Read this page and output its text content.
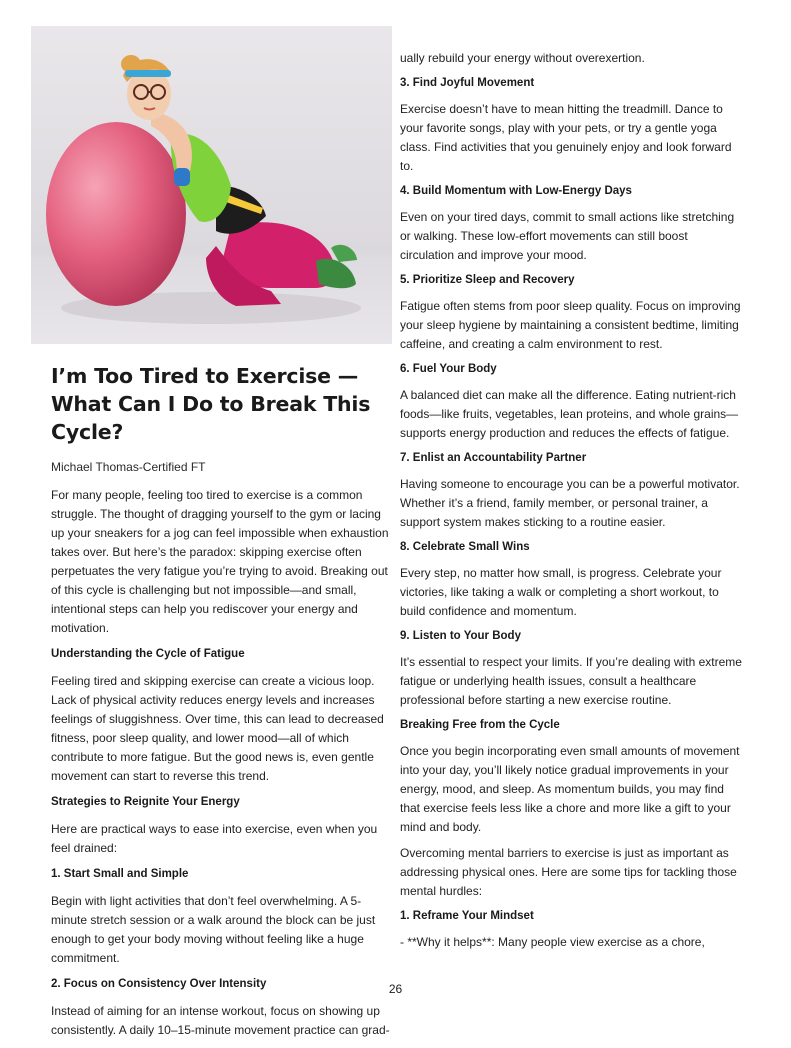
I’m Too Tired to Exercise — What Can I Do to Break This Cycle?
Michael Thomas-Certified FT

For many people, feeling too tired to exercise is a common struggle. The thought of dragging yourself to the gym or lacing up your sneakers for a jog can feel impossible when exhaustion takes over. But here’s the paradox: skipping exercise often perpetuates the very fatigue you’re trying to avoid. Breaking out of this cycle is challenging but not impossible—and small, intentional steps can help you rediscover your energy and motivation.

Understanding the Cycle of Fatigue

Feeling tired and skipping exercise can create a vicious loop. Lack of physical activity reduces energy levels and increases feelings of sluggishness. Over time, this can lead to decreased fitness, poor sleep quality, and lower mood—all of which contribute to more fatigue. But the good news is, even gentle movement can start to reverse this trend.

Strategies to Reignite Your Energy

Here are practical ways to ease into exercise, even when you feel drained:

1. Start Small and Simple

Begin with light activities that don’t feel overwhelming. A 5-minute stretch session or a walk around the block can be just enough to get your body moving without feeling like a huge commitment.

2. Focus on Consistency Over Intensity

Instead of aiming for an intense workout, focus on showing up consistently. A daily 10–15-minute movement practice can grad-

ually rebuild your energy without overexertion.

3. Find Joyful Movement

Exercise doesn’t have to mean hitting the treadmill. Dance to your favorite songs, play with your pets, or try a gentle yoga class. Find activities that you genuinely enjoy and look forward to.

4. Build Momentum with Low-Energy Days

Even on your tired days, commit to small actions like stretching or walking. These low-effort movements can still boost circulation and improve your mood.

5. Prioritize Sleep and Recovery

Fatigue often stems from poor sleep quality. Focus on improving your sleep hygiene by maintaining a consistent bedtime, limiting caffeine, and creating a calm environment to rest.

6. Fuel Your Body

A balanced diet can make all the difference. Eating nutrient-rich foods—like fruits, vegetables, lean proteins, and whole grains—supports energy production and reduces the effects of fatigue.

7. Enlist an Accountability Partner

Having someone to encourage you can be a powerful motivator. Whether it’s a friend, family member, or personal trainer, a support system makes sticking to a routine easier.

8. Celebrate Small Wins

Every step, no matter how small, is progress. Celebrate your victories, like taking a walk or completing a short workout, to build confidence and momentum.

9. Listen to Your Body

It’s essential to respect your limits. If you’re dealing with extreme fatigue or underlying health issues, consult a healthcare professional before starting a new exercise routine.

Breaking Free from the Cycle

Once you begin incorporating even small amounts of movement into your day, you’ll likely notice gradual improvements in your energy, mood, and sleep. As momentum builds, you may find that exercise feels less like a chore and more like a gift to your mind and body.

Overcoming mental barriers to exercise is just as important as addressing physical ones. Here are some tips for tackling those mental hurdles:

1. Reframe Your Mindset

- **Why it helps**: Many people view exercise as a chore,

26
